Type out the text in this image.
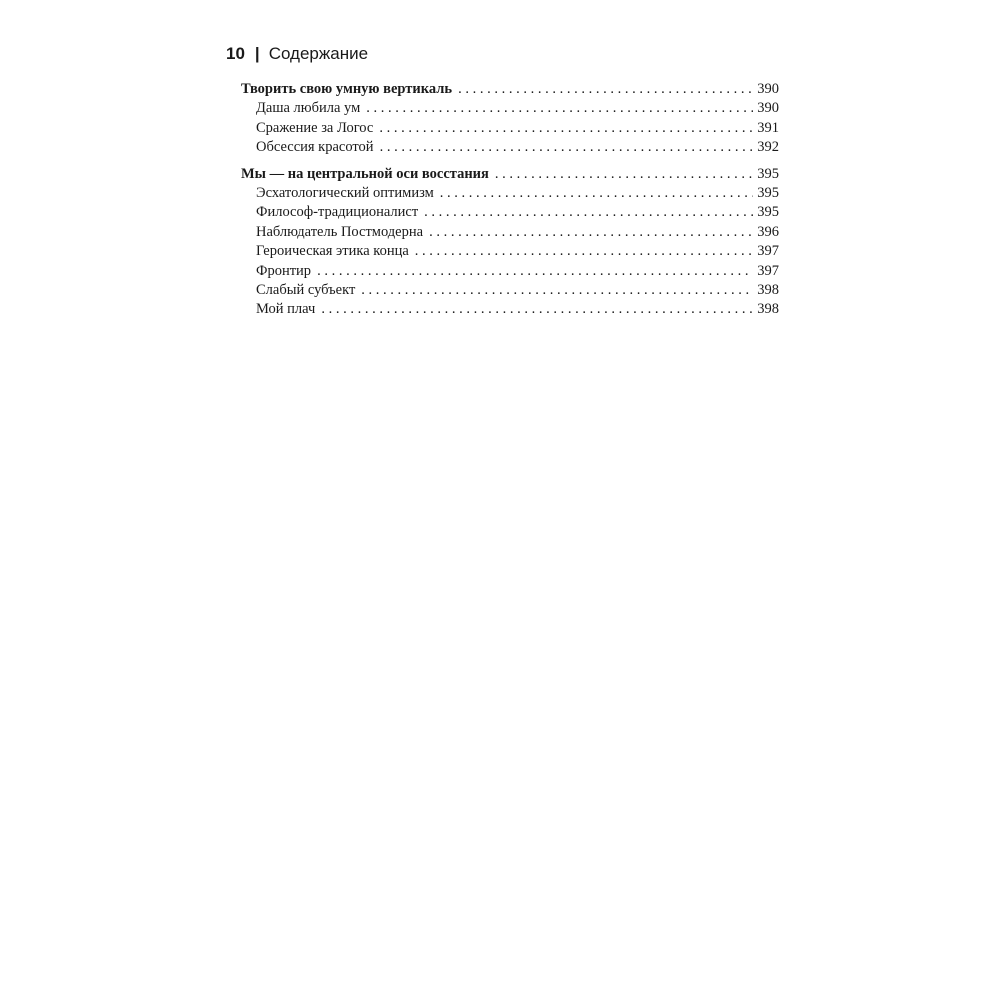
10 | Содержание
Творить свою умную вертикаль . . .	390
Даша любила ум . . .	390
Сражение за Логос . . .	391
Обсессия красотой . . .	392
Мы — на центральной оси восстания . . .	395
Эсхатологический оптимизм . . .	395
Философ-традиционалист . . .	395
Наблюдатель Постмодерна . . .	396
Героическая этика конца . . .	397
Фронтир . . .	397
Слабый субъект . . .	398
Мой плач . . .	398
